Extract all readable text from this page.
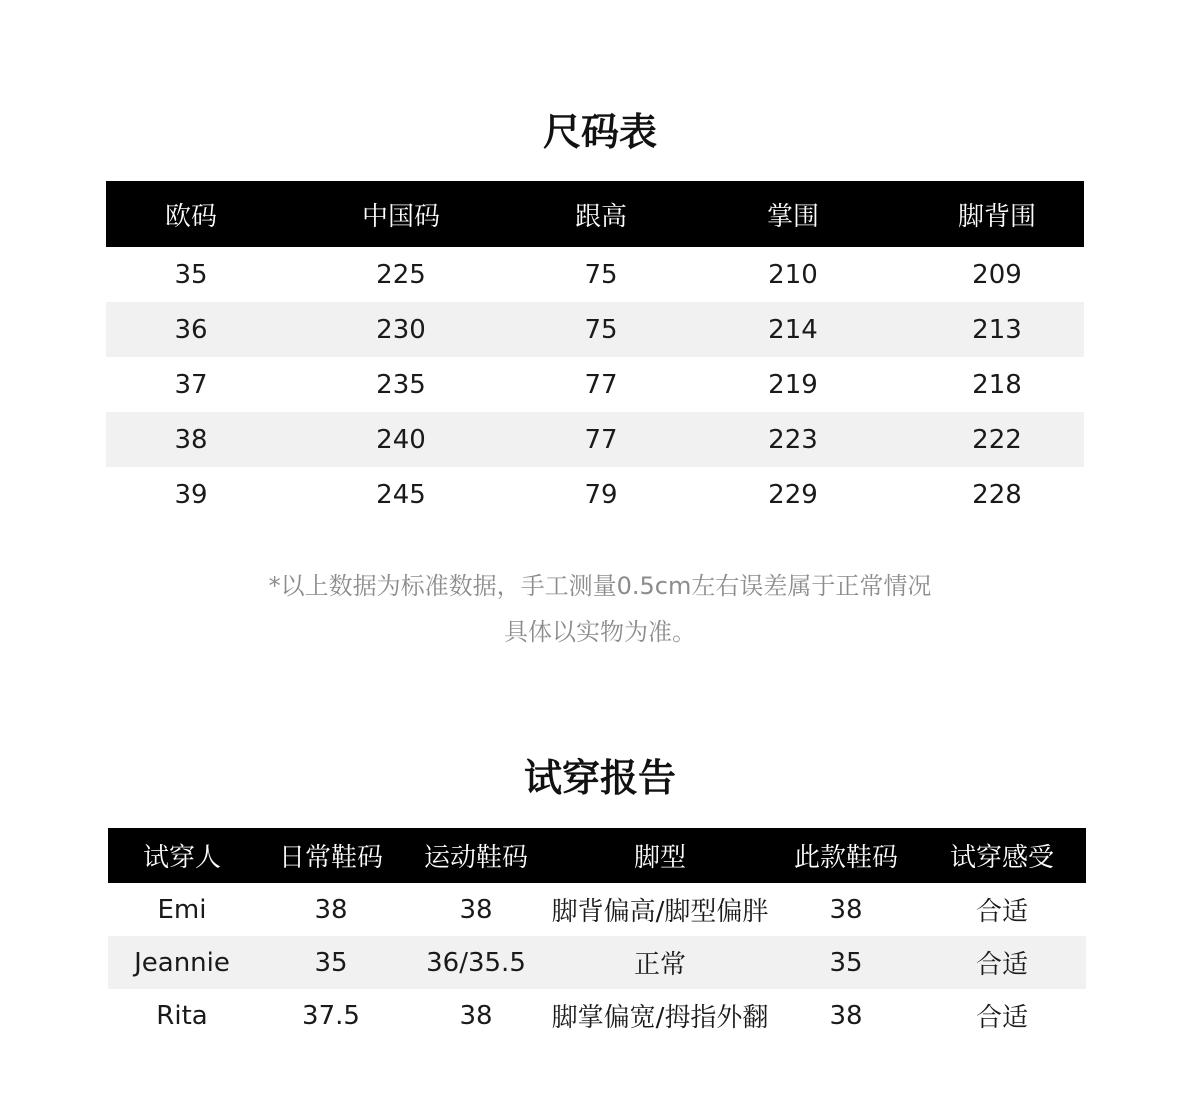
尺码表
欧码	中国码	跟高	掌围	脚背围
35	225	75	210	209
36	230	75	214	213
37	235	77	219	218
38	240	77	223	222
39	245	79	229	228

*以上数据为标准数据，手工测量0.5cm左右误差属于正常情况

具体以实物为准。

试穿报告
试穿人	日常鞋码	运动鞋码	脚型	此款鞋码	试穿感受
Emi	38	38	脚背偏高/脚型偏胖	38	合适
Jeannie	35	36/35.5	正常	35	合适
Rita	37.5	38	脚掌偏宽/拇指外翻	38	合适
